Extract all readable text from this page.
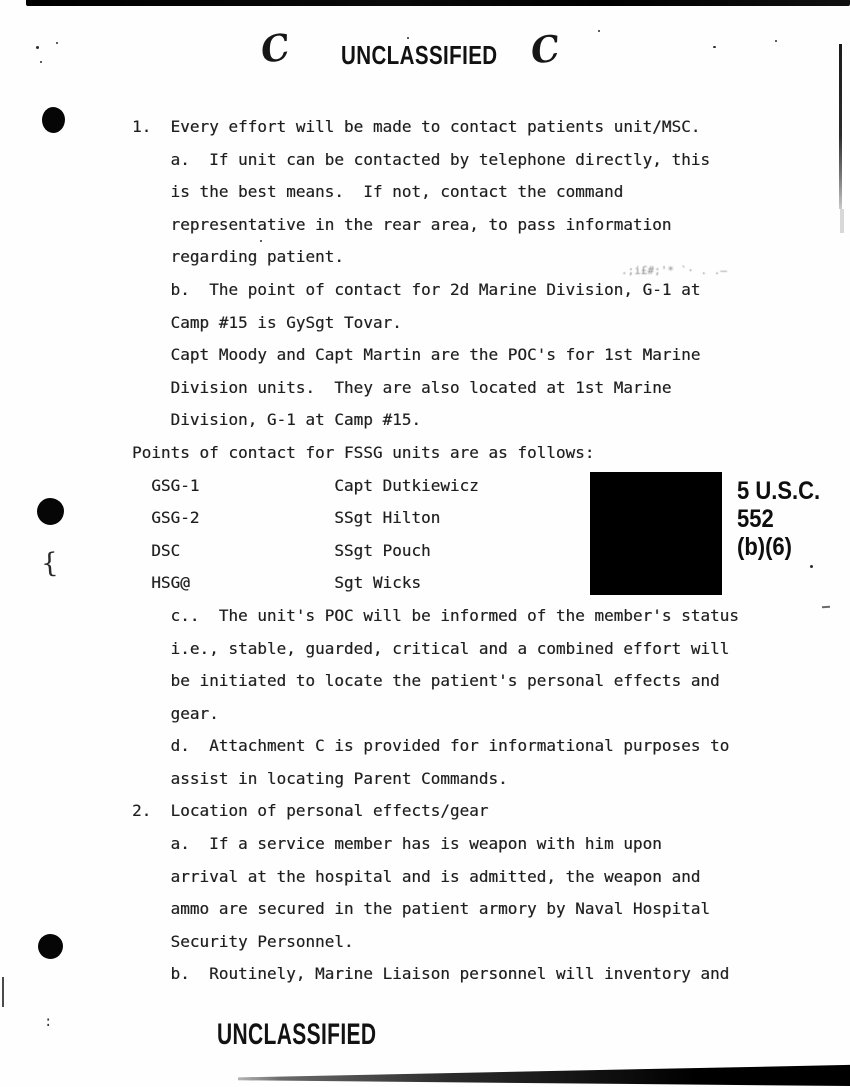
C UNCLASSIFIED C
1.  Every effort will be made to contact patients unit/MSC.
a.  If unit can be contacted by telephone directly, this
is the best means.  If not, contact the command
representative in the rear area, to pass information
regarding patient.
b.  The point of contact for 2d Marine Division, G-1 at
Camp #15 is GySgt Tovar.
Capt Moody and Capt Martin are the POC's for 1st Marine
Division units.  They are also located at 1st Marine
Division, G-1 at Camp #15.
Points of contact for FSSG units are as follows:
GSG-1              Capt Dutkiewicz
GSG-2              SSgt Hilton
DSC                SSgt Pouch
HSG@               Sgt Wicks
c..  The unit's POC will be informed of the member's status
i.e., stable, guarded, critical and a combined effort will
be initiated to locate the patient's personal effects and
gear.
d.  Attachment C is provided for informational purposes to
assist in locating Parent Commands.
2.  Location of personal effects/gear
a.  If a service member has is weapon with him upon
arrival at the hospital and is admitted, the weapon and
ammo are secured in the patient armory by Naval Hospital
Security Personnel.
b.  Routinely, Marine Liaison personnel will inventory and
.;i£#;'* `· . .—
5 U.S.C.
552
(b)(6)
{
:	UNCLASSIFIED
